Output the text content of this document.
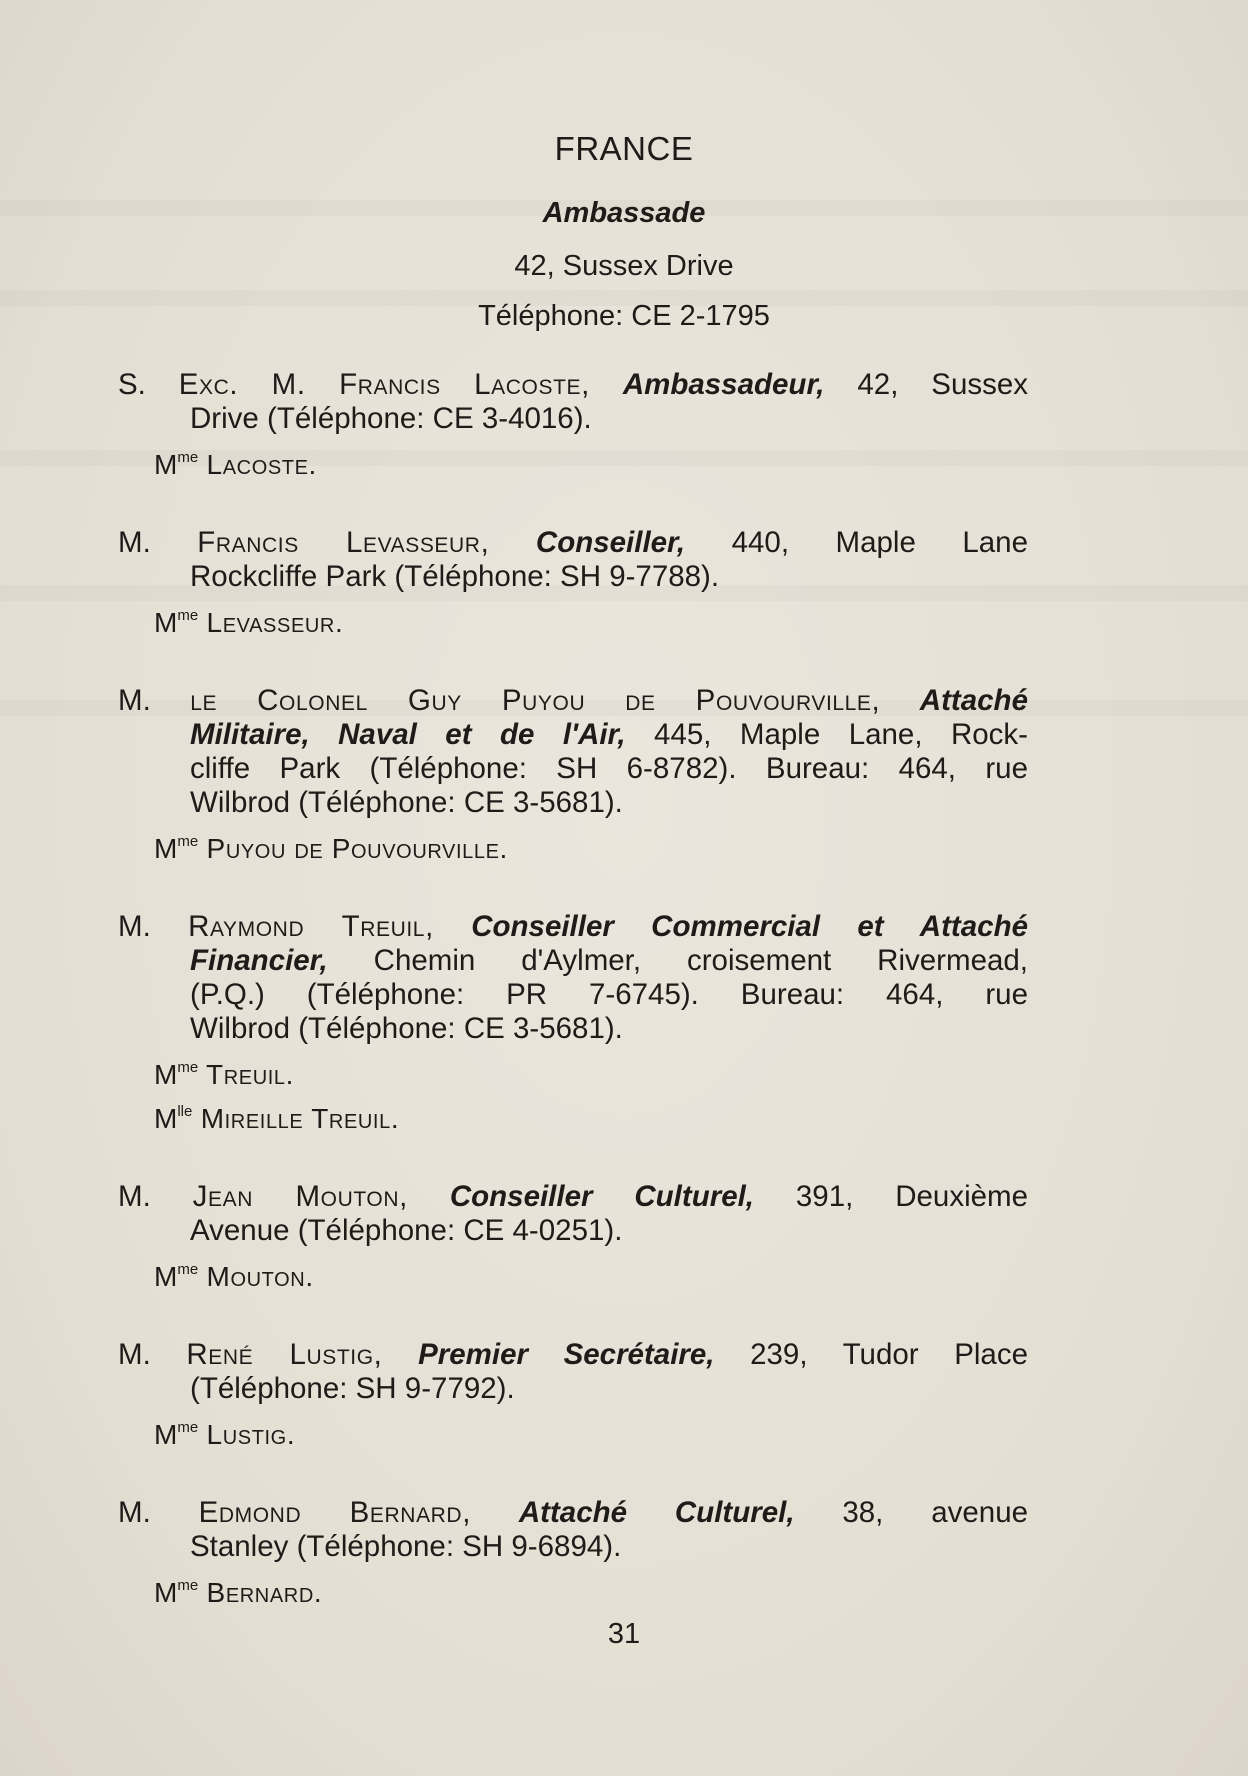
FRANCE
Ambassade
42, Sussex Drive
Téléphone: CE 2-1795
S. Exc. M. Francis Lacoste, Ambassadeur, 42, Sussex
Drive (Téléphone: CE 3-4016).
$M^{me}$ Lacoste.
M. Francis Levasseur, Conseiller, 440, Maple Lane
Rockcliffe Park (Téléphone: SH 9-7788).
$M^{me}$ Levasseur.
M. le Colonel Guy Puyou de Pouvourville, Attaché
Militaire, Naval et de l'Air, 445, Maple Lane, Rock-
cliffe Park (Téléphone: SH 6-8782). Bureau: 464, rue
Wilbrod (Téléphone: CE 3-5681).
$M^{me}$ Puyou de Pouvourville.
M. Raymond Treuil, Conseiller Commercial et Attaché
Financier, Chemin d'Aylmer, croisement Rivermead,
(P.Q.) (Téléphone: PR 7-6745). Bureau: 464, rue
Wilbrod (Téléphone: CE 3-5681).
$M^{me}$ Treuil.
$M^{lle}$ Mireille Treuil.
M. Jean Mouton, Conseiller Culturel, 391, Deuxième
Avenue (Téléphone: CE 4-0251).
$M^{me}$ Mouton.
M. René Lustig, Premier Secrétaire, 239, Tudor Place
(Téléphone: SH 9-7792).
$M^{me}$ Lustig.
M. Edmond Bernard, Attaché Culturel, 38, avenue
Stanley (Téléphone: SH 9-6894).
$M^{me}$ Bernard.
31
